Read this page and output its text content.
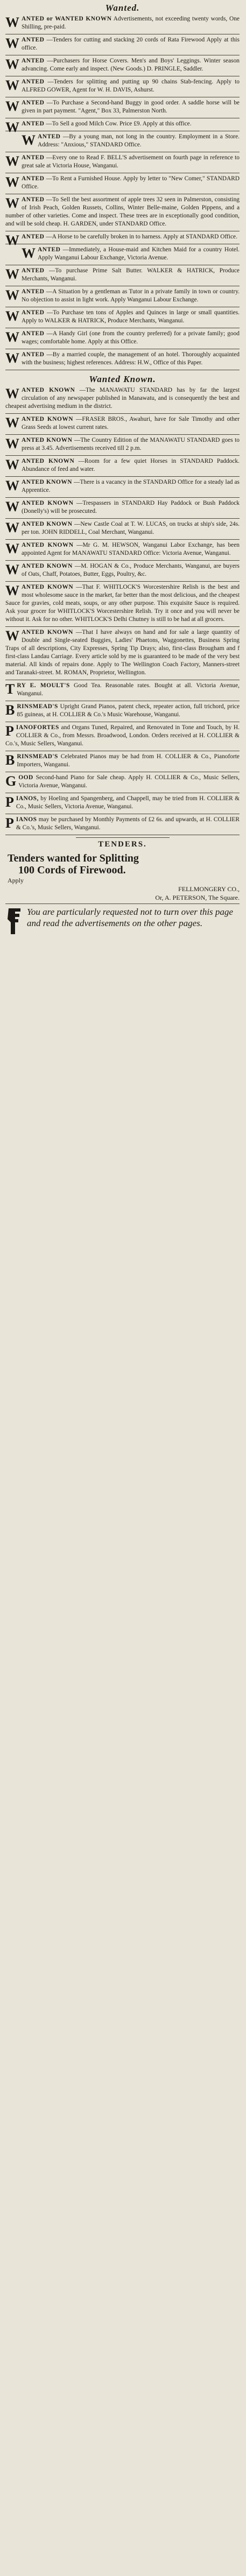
Wanted.

WANTED or WANTED KNOWN Advertisements, not exceeding twenty words, One Shilling, pre-paid.

WANTED —Tenders for cutting and stacking 20 cords of Rata Firewood Apply at this office.

WANTED —Purchasers for Horse Covers. Men's and Boys' Leggings. Winter season advancing. Come early and inspect. (New Goods.) D. PRINGLE, Saddler.

WANTED —Tenders for splitting and putting up 90 chains Stab-fencing. Apply to ALFRED GOWER, Agent for W. H. DAVIS, Ashurst.

WANTED —To Purchase a Second-hand Buggy in good order. A saddle horse will be given in part payment. "Agent," Box 33, Palmerston North.

WANTED —To Sell a good Milch Cow. Price £9. Apply at this office.

WANTED —By a young man, not long in the country. Employment in a Store. Address: "Anxious," STANDARD Office.

WANTED —Every one to Read F. BELL'S advertisement on fourth page in reference to great sale at Victoria House, Wanganui.

WANTED —To Rent a Furnished House. Apply by letter to "New Comer," STANDARD Office.

WANTED —To Sell the best assortment of apple trees 32 seen in Palmerston, consisting of Irish Peach, Golden Russets, Collins, Winter Belle-maine, Golden Pippens, and a number of other varieties. Come and inspect. These trees are in exceptionally good condition, and will be sold cheap. H. GARDEN, under STANDARD Office.

WANTED —A Horse to be carefully broken in to harness. Apply at STANDARD Office.

WANTED —Immediately, a House-maid and Kitchen Maid for a country Hotel. Apply Wanganui Labour Exchange, Victoria Avenue.

WANTED —To purchase Prime Salt Butter. WALKER & HATRICK, Produce Merchants, Wanganui.

WANTED —A Situation by a gentleman as Tutor in a private family in town or country. No objection to assist in light work. Apply Wanganui Labour Exchange.

WANTED —To Purchase ten tons of Apples and Quinces in large or small quantities. Apply to WALKER & HATRICK, Produce Merchants, Wanganui.

WANTED —A Handy Girl (one from the country preferred) for a private family; good wages; comfortable home. Apply at this Office.

WANTED —By a married couple, the management of an hotel. Thoroughly acquainted with the business; highest references. Address: H.W., Office of this Paper.

Wanted Known.

WANTED KNOWN —The MANAWATU STANDARD has by far the largest circulation of any newspaper published in Manawatu, and is consequently the best and cheapest advertising medium in the district.

WANTED KNOWN —FRASER BROS., Awahuri, have for Sale Timothy and other Grass Seeds at lowest current rates.

WANTED KNOWN —The Country Edition of the MANAWATU STANDARD goes to press at 3.45. Advertisements received till 2 p.m.

WANTED KNOWN —Room for a few quiet Horses in STANDARD Paddock. Abundance of feed and water.

WANTED KNOWN —There is a vacancy in the STANDARD Office for a steady lad as Apprentice.

WANTED KNOWN —Trespassers in STANDARD Hay Paddock or Bush Paddock (Donelly's) will be prosecuted.

WANTED KNOWN —New Castle Coal at T. W. LUCAS, on trucks at ship's side, 24s. per ton. JOHN RIDDELL, Coal Merchant, Wanganui.

WANTED KNOWN —Mr G. M. HEWSON, Wanganui Labor Exchange, has been appointed Agent for MANAWATU STANDARD Office: Victoria Avenue, Wanganui.

WANTED KNOWN —M. HOGAN & Co., Produce Merchants, Wanganui, are buyers of Oats, Chaff, Potatoes, Butter, Eggs, Poultry, &c.

WANTED KNOWN —That F. WHITLOCK'S Worcestershire Relish is the best and most wholesome sauce in the market, far better than the most delicious, and the cheapest Sauce for gravies, cold meats, soups, or any other purpose. This exquisite Sauce is required. Ask your grocer for WHITLOCK'S Worcestershire Relish. Try it once and you will never be without it. Ask for no other. WHITLOCK'S Delhi Chutney is still to be had at all grocers.

WANTED KNOWN —That I have always on hand and for sale a large quantity of Double and Single-seated Buggies, Ladies' Phaetons, Waggonettes, Business Spring Traps of all descriptions, City Expresses, Spring Tip Drays; also, first-class Brougham and f first-class Landau Carriage. Every article sold by me is guaranteed to be made of the very best material. All kinds of repairs done. Apply to The Wellington Coach Factory, Manners-street and Taranaki-street. M. ROMAN, Proprietor, Wellington.

TRY E. MOULT'S Good Tea. Reasonable rates. Bought at all. Victoria Avenue, Wanganui.

BRINSMEAD'S Upright Grand Pianos, patent check, repeater action, full trichord, price 85 guineas, at H. COLLIER & Co.'s Music Warehouse, Wanganui.

PIANOFORTES and Organs Tuned, Repaired, and Renovated in Tone and Touch, by H. COLLIER & Co., from Messrs. Broadwood, London. Orders received at H. COLLIER & Co.'s, Music Sellers, Wanganui.

BRINSMEAD'S Celebrated Pianos may be had from H. COLLIER & Co., Pianoforte Importers, Wanganui.

GOOD Second-hand Piano for Sale cheap. Apply H. COLLIER & Co., Music Sellers, Victoria Avenue, Wanganui.

PIANOS, by Hoeling and Spangenberg, and Chappell, may be tried from H. COLLIER & Co., Music Sellers, Victoria Avenue, Wanganui.

PIANOS may be purchased by Monthly Payments of £2 6s. and upwards, at H. COLLIER & Co.'s, Music Sellers, Wanganui.

TENDERS.
Tenders wanted for Splitting
100 Cords of Firewood.
Apply
FELLMONGERY CO.,
Or, A. PETERSON, The Square.
You are particularly requested not to turn over this page and read the advertisements on the other pages.
